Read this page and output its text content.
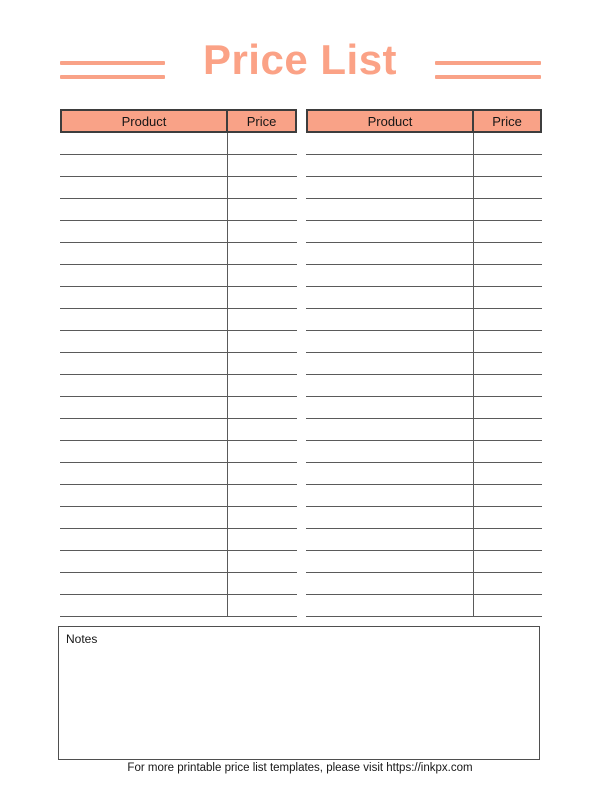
Price List
Product	Price	Product	Price
Notes
For more printable price list templates, please visit https://inkpx.com
